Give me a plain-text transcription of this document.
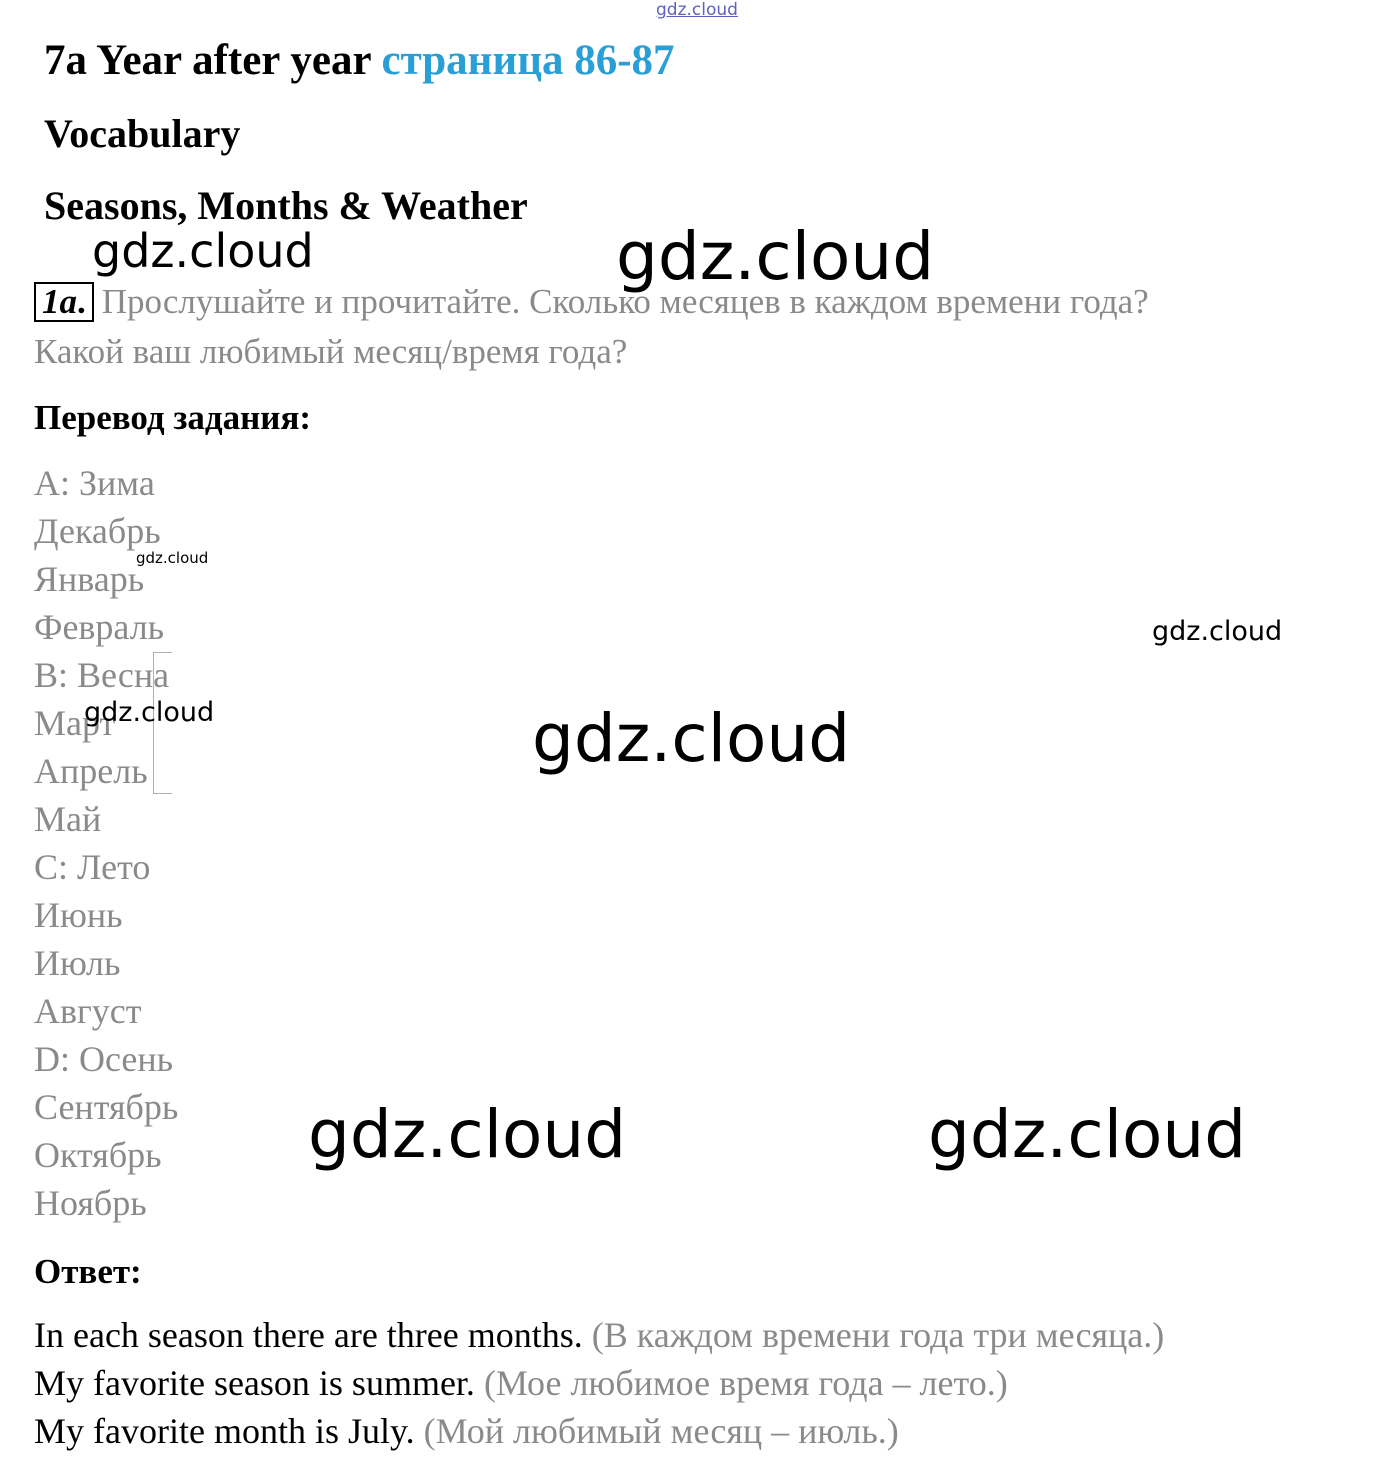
gdz.cloud
7a Year after year страница 86-87
Vocabulary
Seasons, Months & Weather
1a. Прослушайте и прочитайте. Сколько месяцев в каждом времени года?
Какой ваш любимый месяц/время года?
Перевод задания:
A: Зима
Декабрь
Январь
Февраль
B: Весна
Март
Апрель
Май
C: Лето
Июнь
Июль
Август
D: Осень
Сентябрь
Октябрь
Ноябрь
Ответ:
In each season there are three months. (В каждом времени года три месяца.)
My favorite season is summer. (Мое любимое время года – лето.)
My favorite month is July. (Мой любимый месяц – июль.)
gdz.cloud	gdz.cloud
gdz.cloud
gdz.cloud
gdz.cloud	gdz.cloud
gdz.cloud	gdz.cloud
